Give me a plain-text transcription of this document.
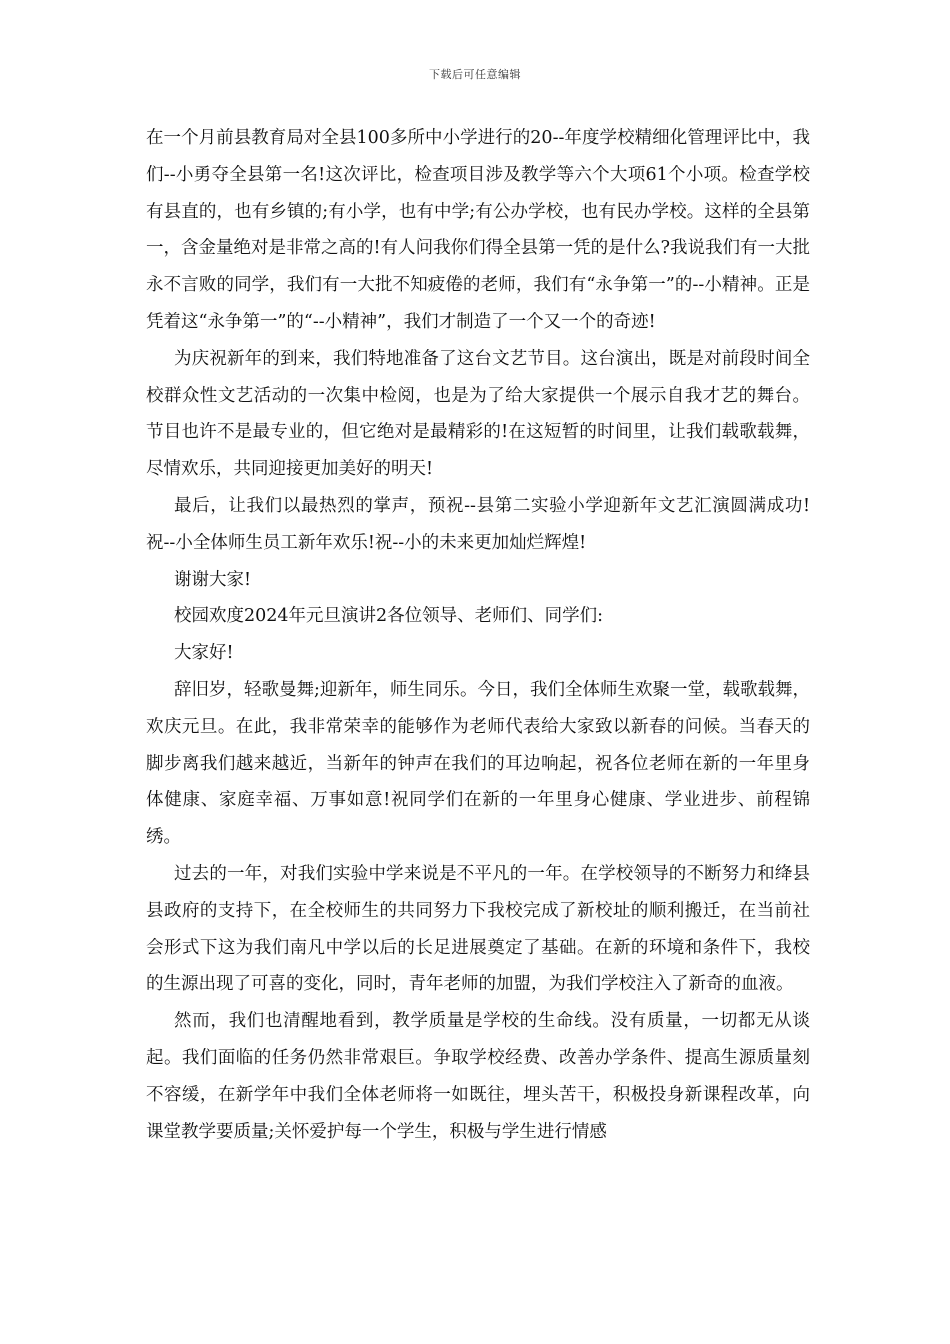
下载后可任意编辑

在一个月前县教育局对全县100多所中小学进行的20--年度学校精细化管理评比中，我们--小勇夺全县第一名!这次评比，检查项目涉及教学等六个大项61个小项。检查学校有县直的，也有乡镇的;有小学，也有中学;有公办学校，也有民办学校。这样的全县第一，含金量绝对是非常之高的!有人问我你们得全县第一凭的是什么?我说我们有一大批永不言败的同学，我们有一大批不知疲倦的老师，我们有“永争第一”的--小精神。正是凭着这“永争第一”的“--小精神”，我们才制造了一个又一个的奇迹!

为庆祝新年的到来，我们特地准备了这台文艺节目。这台演出，既是对前段时间全校群众性文艺活动的一次集中检阅，也是为了给大家提供一个展示自我才艺的舞台。节目也许不是最专业的，但它绝对是最精彩的!在这短暂的时间里，让我们载歌载舞，尽情欢乐，共同迎接更加美好的明天!

最后，让我们以最热烈的掌声，预祝--县第二实验小学迎新年文艺汇演圆满成功!祝--小全体师生员工新年欢乐!祝--小的未来更加灿烂辉煌!

谢谢大家!

校园欢度2024年元旦演讲2各位领导、老师们、同学们:

大家好!

辞旧岁，轻歌曼舞;迎新年，师生同乐。今日，我们全体师生欢聚一堂，载歌载舞，欢庆元旦。在此，我非常荣幸的能够作为老师代表给大家致以新春的问候。当春天的脚步离我们越来越近，当新年的钟声在我们的耳边响起，祝各位老师在新的一年里身体健康、家庭幸福、万事如意!祝同学们在新的一年里身心健康、学业进步、前程锦绣。

过去的一年，对我们实验中学来说是不平凡的一年。在学校领导的不断努力和绛县县政府的支持下，在全校师生的共同努力下我校完成了新校址的顺利搬迁，在当前社会形式下这为我们南凡中学以后的长足进展奠定了基础。在新的环境和条件下，我校的生源出现了可喜的变化，同时，青年老师的加盟，为我们学校注入了新奇的血液。

然而，我们也清醒地看到，教学质量是学校的生命线。没有质量，一切都无从谈起。我们面临的任务仍然非常艰巨。争取学校经费、改善办学条件、提高生源质量刻不容缓，在新学年中我们全体老师将一如既往，埋头苦干，积极投身新课程改革，向课堂教学要质量;关怀爱护每一个学生，积极与学生进行情感
